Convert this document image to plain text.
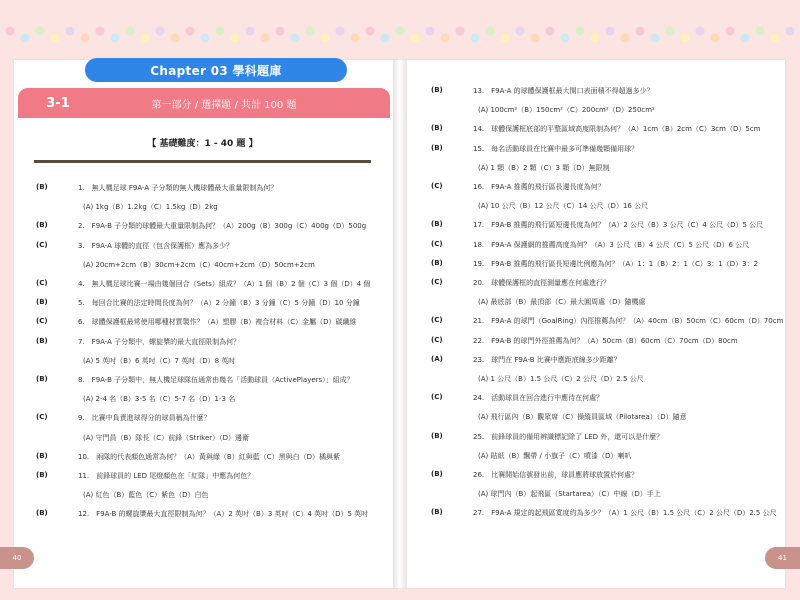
Chapter 03 學科題庫
3-1	第一部分 / 選擇題 / 共計 100 題
【 基礎難度：1 - 40 題 】
(B)	1.　無人機足球 F9A-A 子分類的無人機球體最大重量限制為何？
(A) 1kg（B）1.2kg（C）1.5kg（D）2kg
(B)	2.　F9A-B 子分類的球體最大重量限制為何？（A）200g（B）300g（C）400g（D）500g
(C)	3.　F9A-A 球體的直徑（包含保護框）應為多少？
(A) 20cm+2cm（B）30cm+2cm（C）40cm+2cm（D）50cm+2cm
(C)	4.　無人機足球比賽一場由幾個回合（Sets）組成？（A）1 個（B）2 個（C）3 個（D）4 個
(B)	5.　每回合比賽的法定時間長度為何？（A）2 分鐘（B）3 分鐘（C）5 分鐘（D）10 分鐘
(C)	6.　球體保護框最常使用哪種材質製作？（A）塑膠（B）複合材料（C）金屬（D）碳纖維
(B)	7.　F9A-A 子分類中，螺旋槳的最大直徑限制為何？
(A) 5 英吋（B）6 英吋（C）7 英吋（D）8 英吋
(B)	8.　F9A-B 子分類中，無人機足球隊伍通常由幾名「活動球員（ActivePlayers）」組成？
(A) 2-4 名（B）3-5 名（C）5-7 名（D）1-3 名
(C)	9.　比賽中負責進球得分的球員稱為什麼？
(A) 守門員（B）隊長（C）前鋒（Striker）（D）邊衛
(B)	10.　兩隊的代表顏色通常為何？（A）黃與綠（B）紅與藍（C）黑與白（D）橘與紫
(B)	11.　前鋒球員的 LED 尾燈顏色在「紅隊」中應為何色？
(A) 紅色（B）藍色（C）紫色（D）白色
(B)	12.　F9A-B 的螺旋槳最大直徑限制為何？（A）2 英吋（B）3 英吋（C）4 英吋（D）5 英吋
(B)	13.　F9A-A 的球體保護框最大開口表面積不得超過多少？
(A) 100cm²（B）150cm²（C）200cm²（D）250cm²
(B)	14.　球體保護框底部的平整區域高度限制為何？（A）1cm（B）2cm（C）3cm（D）5cm
(B)	15.　每名活動球員在比賽中最多可準備幾顆備用球？
(A) 1 顆（B）2 顆（C）3 顆（D）無限制
(C)	16.　F9A-A 推薦的飛行區長邊長度為何？
(A) 10 公尺（B）12 公尺（C）14 公尺（D）16 公尺
(B)	17.　F9A-B 推薦的飛行區短邊長度為何？（A）2 公尺（B）3 公尺（C）4 公尺（D）5 公尺
(C)	18.　F9A-A 保護網的推薦高度為何？（A）3 公尺（B）4 公尺（C）5 公尺（D）6 公尺
(B)	19.　F9A-B 推薦的飛行區長短邊比例應為何？（A）1：1（B）2：1（C）3：1（D）3：2
(C)	20.　球體保護框的直徑測量應在何處進行？
(A) 最底部（B）最頂部（C）最大圓周處（D）隨機處
(C)	21.　F9A-A 的球門（GoalRing）內徑推薦為何？（A）40cm（B）50cm（C）60cm（D）70cm
(C)	22.　F9A-B 的球門外徑推薦為何？（A）50cm（B）60cm（C）70cm（D）80cm
(A)	23.　球門在 F9A-B 比賽中應距底線多少距離？
(A) 1 公尺（B）1.5 公尺（C）2 公尺（D）2.5 公尺
(C)	24.　活動球員在回合進行中應待在何處？
(A) 飛行區內（B）觀眾席（C）操縱員區域（Pilotarea）（D）隨意
(B)	25.　前鋒球員的備用辨識標記除了 LED 外，還可以是什麼？
(A) 貼紙（B）飄帶 / 小旗子（C）噴漆（D）喇叭
(B)	26.　比賽開始信號發出前，球員應將球放置於何處？
(A) 球門內（B）起飛區（Startarea）（C）中線（D）手上
(B)	27.　F9A-A 規定的起飛區寬度約為多少？（A）1 公尺（B）1.5 公尺（C）2 公尺（D）2.5 公尺
40	41
